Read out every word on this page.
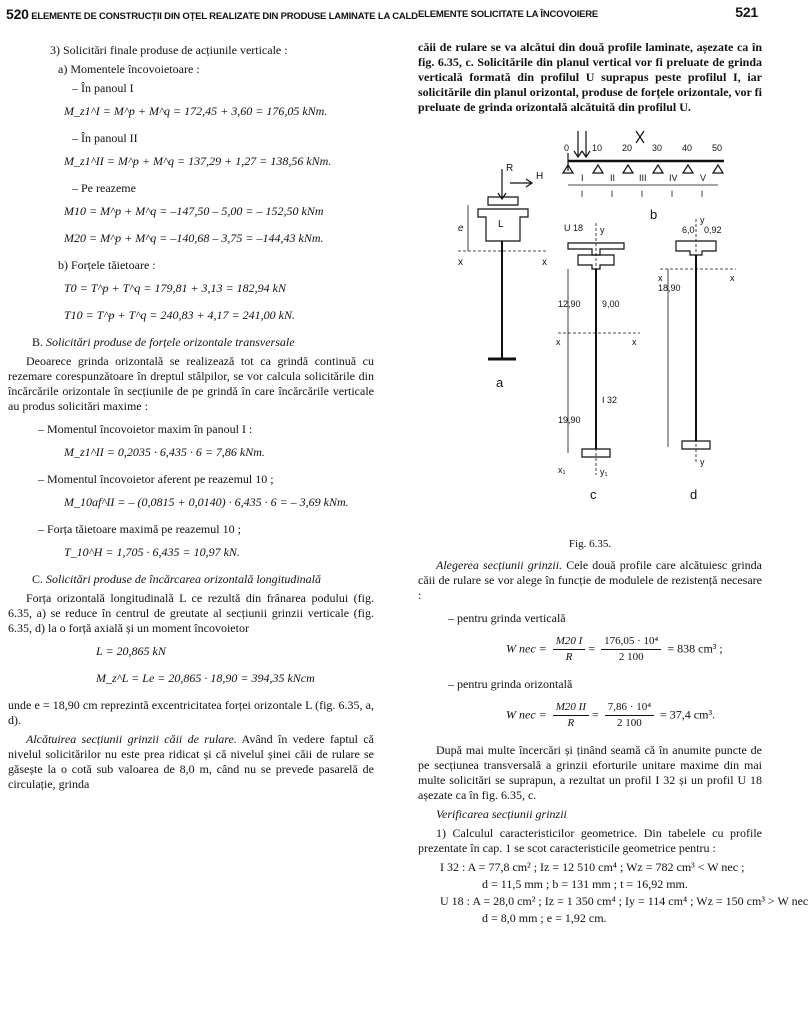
520 ELEMENTE DE CONSTRUCȚII DIN OȚEL REALIZATE DIN PRODUSE LAMINATE LA CALD

3) Solicitări finale produse de acțiunile verticale :

a) Momentele încovoietoare :

– În panoul I

M_z1^I = M^p + M^q = 172,45 + 3,60 = 176,05 kNm.

– În panoul II

M_z1^II = M^p + M^q = 137,29 + 1,27 = 138,56 kNm.

– Pe reazeme

M10 = M^p + M^q = –147,50 – 5,00 = – 152,50 kNm

M20 = M^p + M^q = –140,68 – 3,75 = –144,43 kNm.

b) Forțele tăietoare :

T0 = T^p + T^q = 179,81 + 3,13 = 182,94 kN

T10 = T^p + T^q = 240,83 + 4,17 = 241,00 kN.

B. Solicitări produse de forțele orizontale transversale

Deoarece grinda orizontală se realizează tot ca grindă continuă cu rezemare corespunzătoare în dreptul stâlpilor, se vor calcula solicitările din încărcările orizontale în secțiunile de pe grindă în care încărcările verticale au produs solicitări maxime :

– Momentul încovoietor maxim în panoul I :

M_z1^II = 0,2035 · 6,435 · 6 = 7,86 kNm.

– Momentul încovoietor aferent pe reazemul 10 ;

M_10af^II = – (0,0815 + 0,0140) · 6,435 · 6 = – 3,69 kNm.

– Forța tăietoare maximă pe reazemul 10 ;

T_10^H = 1,705 · 6,435 = 10,97 kN.

C. Solicitări produse de încărcarea orizontală longitudinală

Forța orizontală longitudinală L ce rezultă din frânarea podului (fig. 6.35, a) se reduce în centrul de greutate al secțiunii grinzii verticale (fig. 6.35, d) la o forță axială și un moment încovoietor

L = 20,865 kN

M_z^L = Le = 20,865 · 18,90 = 394,35 kNcm

unde e = 18,90 cm reprezintă excentricitatea forței orizontale L (fig. 6.35, a, d).

Alcătuirea secțiunii grinzii căii de rulare. Având în vedere faptul că nivelul solicitărilor nu este prea ridicat și că nivelul șinei căii de rulare se găsește la o cotă sub valoarea de 8,0 m, când nu se prevede pasarelă de circulație, grinda

ELEMENTE SOLICITATE LA ÎNCOVOIERE	521

căii de rulare se va alcătui din două profile laminate, așezate ca în fig. 6.35, c. Solicitările din planul vertical vor fi preluate de grinda verticală formată din profilul U suprapus peste profilul I, iar solicitările din planul orizontal, produse de forțele orizontale, vor fi preluate de grinda orizontală alcătuită din profilul U.

0	10 20 30 40 50
I	II	III IV V
l	l	l	l	l
b
R
H
e	L
x	x
a
U 18
I 32
12,90 9,00
19,90
x	x
y
x₁	y₁
c
18,90
6,0 0,92
x	x
y
y
d

Fig. 6.35.

Alegerea secțiunii grinzii. Cele două profile care alcătuiesc grinda căii de rulare se vor alege în funcție de modulele de rezistență necesare :

– pentru grinda verticală

W nec = $\frac{M20 I}{R} = \frac{\text{176,05 · 10⁴}}{2 100} = 838$ cm³ ;

– pentru grinda orizontală

W nec = $\frac{M20 II}{R} = \frac{\text{7,86 · 10⁴}}{2 100} = 37,4$ cm³.

După mai multe încercări și ținând seamă că în anumite puncte de pe secțiunea transversală a grinzii eforturile unitare maxime din mai multe solicitări se suprapun, a rezultat un profil I 32 și un profil U 18 așezate ca în fig. 6.35, c.

Verificarea secțiunii grinzii

1) Calculul caracteristicilor geometrice. Din tabelele cu profile prezentate în cap. 1 se scot caracteristicile geometrice pentru :

I 32 : A = 77,8 cm² ; Iz = 12 510 cm⁴ ; Wz = 782 cm³ < W nec ;

d = 11,5 mm ; b = 131 mm ; t = 16,92 mm.

U 18 : A = 28,0 cm² ; Iz = 1 350 cm⁴ ; Iy = 114 cm⁴ ; Wz = 150 cm³ > W nec

d = 8,0 mm ; e = 1,92 cm.
